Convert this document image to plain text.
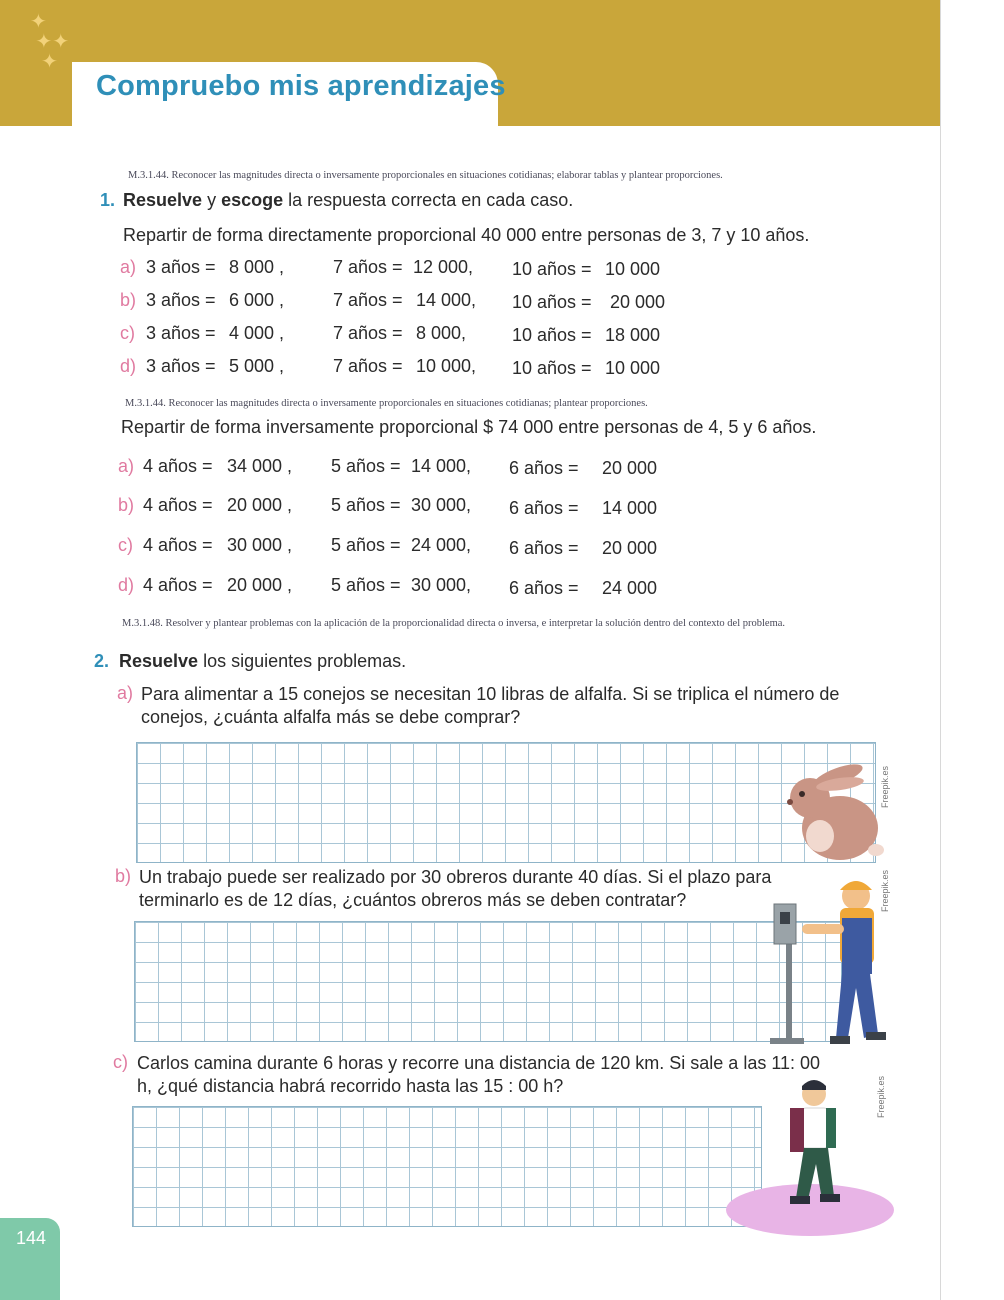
✦
✦✦
✦
Compruebo mis aprendizajes
M.3.1.44. Reconocer las magnitudes directa o inversamente proporcionales en situaciones cotidianas; elaborar tablas y plantear proporciones.
1. Resuelve y escoge la respuesta correcta en cada caso.
Repartir de forma directamente proporcional 40 000 entre personas de 3, 7 y 10 años.
a) 3 años = 8 000 ,	7 años = 12 000, 10 años = 10 000
b) 3 años = 6 000 ,	7 años = 14 000, 10 años = 20 000
c) 3 años = 4 000 ,	7 años = 8 000,	10 años = 18 000
d) 3 años = 5 000 ,	7 años = 10 000, 10 años = 10 000
M.3.1.44. Reconocer las magnitudes directa o inversamente proporcionales en situaciones cotidianas; plantear proporciones.
Repartir de forma inversamente proporcional $ 74 000 entre personas de 4, 5 y 6 años.
a) 4 años = 34 000 , 5 años = 14 000, 6 años = 20 000
b) 4 años = 20 000 , 5 años = 30 000, 6 años = 14 000
c) 4 años = 30 000 , 5 años = 24 000, 6 años = 20 000
d) 4 años = 20 000 , 5 años = 30 000, 6 años = 24 000
M.3.1.48. Resolver y plantear problemas con la aplicación de la proporcionalidad directa o inversa, e interpretar la solución dentro del contexto del problema.
2. Resuelve los siguientes problemas.
a) Para alimentar a 15 conejos se necesitan 10 libras de alfalfa. Si se triplica el número de conejos, ¿cuánta alfalfa más se debe comprar?
Freepik.es
b) Un trabajo puede ser realizado por 30 obreros durante 40 días. Si el plazo para terminarlo es de 12 días, ¿cuántos obreros más se deben contratar?	Freepik.es
c) Carlos camina durante 6 horas y recorre una distancia de 120 km. Si sale a las 11: 00 h, ¿qué distancia habrá recorrido hasta las 15 : 00 h?	Freepik.es
144
